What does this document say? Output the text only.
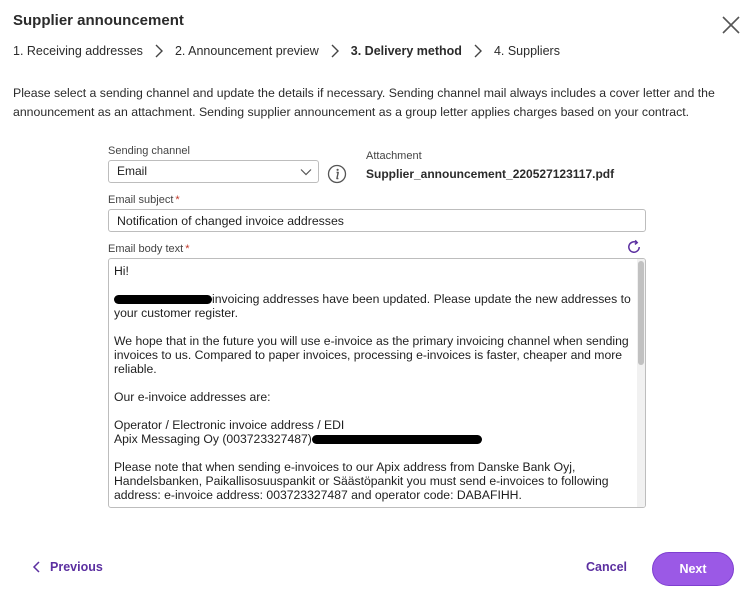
Supplier announcement
1. Receiving addresses	2. Announcement preview	3. Delivery method	4. Suppliers
Please select a sending channel and update the details if necessary. Sending channel mail always includes a cover letter and the announcement as an attachment. Sending supplier announcement as a group letter applies charges based on your contract.
Sending channel
Email
Attachment
Supplier_announcement_220527123117.pdf
Email subject *
Notification of changed invoice addresses
Email body text *

Hi!

invoicing addresses have been updated. Please update the new addresses to your customer register.

We hope that in the future you will use e-invoice as the primary invoicing channel when sending invoices to us. Compared to paper invoices, processing e-invoices is faster, cheaper and more reliable.

Our e-invoice addresses are:

Operator / Electronic invoice address / EDI
Apix Messaging Oy (003723327487)

Please note that when sending e-invoices to our Apix address from Danske Bank Oyj, Handelsbanken, Paikallisosuuspankit or Säästöpankit you must send e-invoices to following address: e-invoice address: 003723327487 and operator code: DABAFIHH.

Previous	Cancel	Next
